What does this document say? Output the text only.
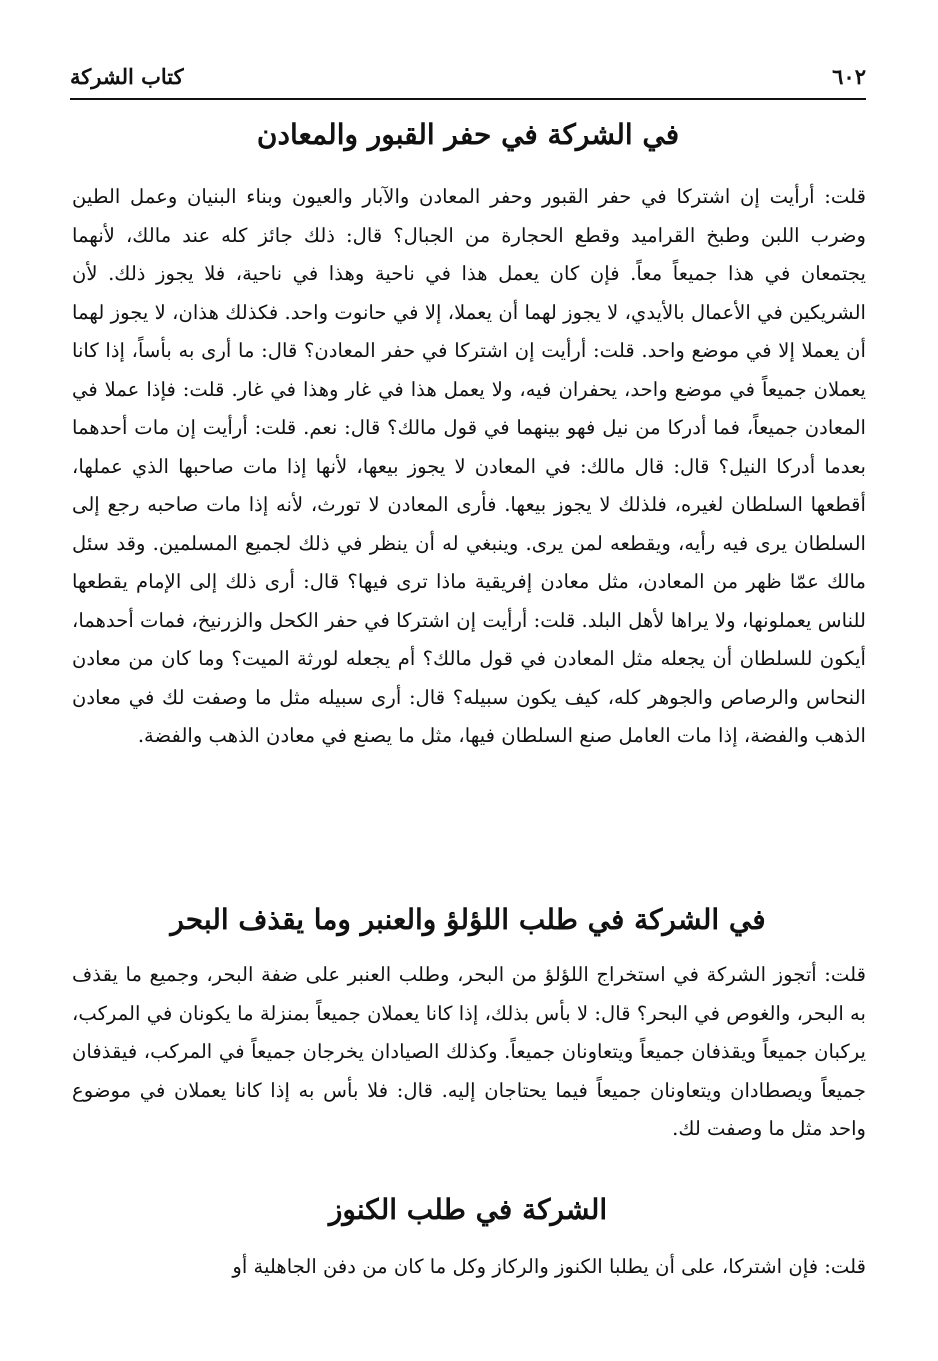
٦٠٢
كتاب الشركة
في الشركة في حفر القبور والمعادن

قلت: أرأيت إن اشتركا في حفر القبور وحفر المعادن والآبار والعيون وبناء البنيان وعمل الطين وضرب اللبن وطبخ القراميد وقطع الحجارة من الجبال؟ قال: ذلك جائز كله عند مالك، لأنهما يجتمعان في هذا جميعاً معاً. فإن كان يعمل هذا في ناحية وهذا في ناحية، فلا يجوز ذلك. لأن الشريكين في الأعمال بالأيدي، لا يجوز لهما أن يعملا، إلا في حانوت واحد. فكذلك هذان، لا يجوز لهما أن يعملا إلا في موضع واحد. قلت: أرأيت إن اشتركا في حفر المعادن؟ قال: ما أرى به بأساً، إذا كانا يعملان جميعاً في موضع واحد، يحفران فيه، ولا يعمل هذا في غار وهذا في غار. قلت: فإذا عملا في المعادن جميعاً، فما أدركا من نيل فهو بينهما في قول مالك؟ قال: نعم. قلت: أرأيت إن مات أحدهما بعدما أدركا النيل؟ قال: قال مالك: في المعادن لا يجوز بيعها، لأنها إذا مات صاحبها الذي عملها، أقطعها السلطان لغيره، فلذلك لا يجوز بيعها. فأرى المعادن لا تورث، لأنه إذا مات صاحبه رجع إلى السلطان يرى فيه رأيه، ويقطعه لمن يرى. وينبغي له أن ينظر في ذلك لجميع المسلمين. وقد سئل مالك عمّا ظهر من المعادن، مثل معادن إفريقية ماذا ترى فيها؟ قال: أرى ذلك إلى الإمام يقطعها للناس يعملونها، ولا يراها لأهل البلد. قلت: أرأيت إن اشتركا في حفر الكحل والزرنيخ، فمات أحدهما، أيكون للسلطان أن يجعله مثل المعادن في قول مالك؟ أم يجعله لورثة الميت؟ وما كان من معادن النحاس والرصاص والجوهر كله، كيف يكون سبيله؟ قال: أرى سبيله مثل ما وصفت لك في معادن الذهب والفضة، إذا مات العامل صنع السلطان فيها، مثل ما يصنع في معادن الذهب والفضة.

في الشركة في طلب اللؤلؤ والعنبر وما يقذف البحر

قلت: أتجوز الشركة في استخراج اللؤلؤ من البحر، وطلب العنبر على ضفة البحر، وجميع ما يقذف به البحر، والغوص في البحر؟ قال: لا بأس بذلك، إذا كانا يعملان جميعاً بمنزلة ما يكونان في المركب، يركبان جميعاً ويقذفان جميعاً ويتعاونان جميعاً. وكذلك الصيادان يخرجان جميعاً في المركب، فيقذفان جميعاً ويصطادان ويتعاونان جميعاً فيما يحتاجان إليه. قال: فلا بأس به إذا كانا يعملان في موضوع واحد مثل ما وصفت لك.

الشركة في طلب الكنوز

قلت: فإن اشتركا، على أن يطلبا الكنوز والركاز وكل ما كان من دفن الجاهلية أو
